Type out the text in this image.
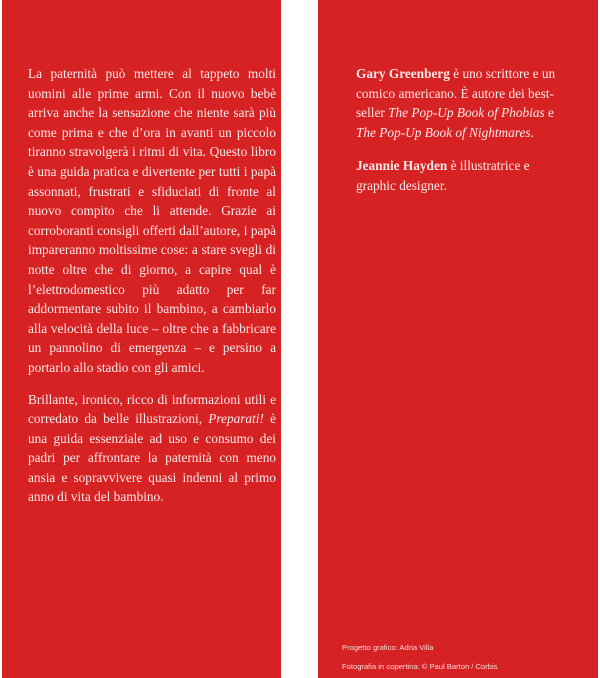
La paternità può mettere al tappeto molti uomini alle prime armi. Con il nuovo bebè arriva anche la sensazione che niente sarà più come prima e che d’ora in avanti un piccolo tiranno stravolgerà i ritmi di vita. Questo libro è una guida pratica e divertente per tutti i papà assonnati, frustrati e sfiduciati di fronte al nuovo compito che li attende. Grazie ai corroboranti consigli offerti dall’autore, i papà impareranno moltissime cose: a stare svegli di notte oltre che di giorno, a capire qual è l’elettrodomestico più adatto per far addormentare subito il bambino, a cambiarlo alla velocità della luce – oltre che a fabbricare un pannolino di emergenza – e persino a portarlo allo stadio con gli amici.

Brillante, ironico, ricco di informazioni utili e corredato da belle illustrazioni, Preparati! è una guida essenziale ad uso e consumo dei padri per affrontare la paternità con meno ansia e sopravvivere quasi indenni al primo anno di vita del bambino.

Gary Greenberg è uno scrittore e un comico americano. È autore dei best-seller The Pop-Up Book of Phobias e The Pop-Up Book of Nightmares.

Jeannie Hayden è illustratrice e graphic designer.

Progetto grafico: Adria Villa
Fotografia in copertina: © Paul Barton / Corbis
